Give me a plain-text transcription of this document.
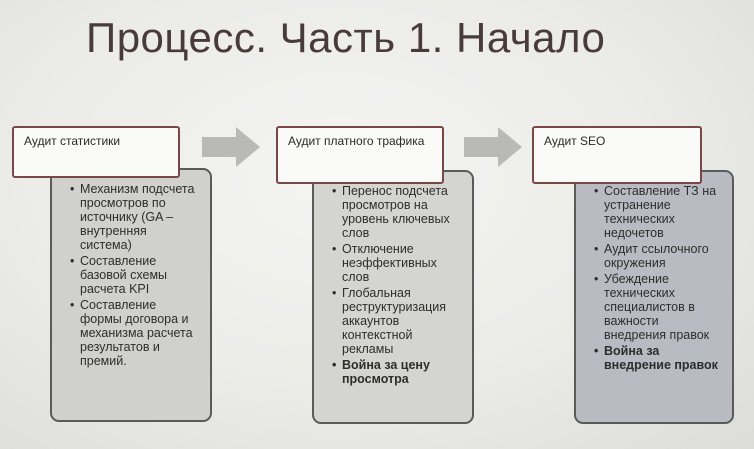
Процесс. Часть 1. Начало
• Механизм подсчета просмотров по источнику (GA – внутренняя система)
• Составление базовой схемы расчета KPI
• Составление формы договора и механизма расчета результатов и премий.
Аудит статистики
• Перенос подсчета просмотров на уровень ключевых слов
• Отключение неэффективных слов
• Глобальная реструктуризация аккаунтов контекстной рекламы
• Война за цену просмотра
Аудит платного трафика
• Составление ТЗ на устранение технических недочетов
• Аудит ссылочного окружения
• Убеждение технических специалистов в важности внедрения правок
• Война за внедрение правок
Аудит SEO
